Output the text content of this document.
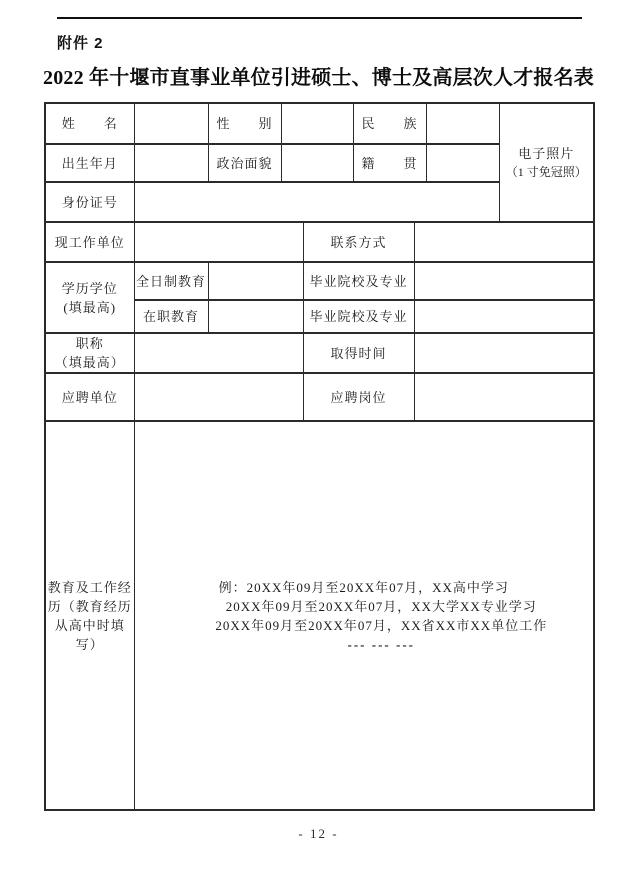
附件 2
2022 年十堰市直事业单位引进硕士、博士及高层次人才报名表
姓　　名		性　　别			民　　族			电子照片
（1 寸免冠照）

出生年月		政治面貌			籍　　贯			
身份证号								
现工作单位				联系方式				

学历学位
(填最高)	全日制教育			毕业院校及专业				
	在职教育			毕业院校及专业				

职称
（填最高）				取得时间				
应聘单位				应聘岗位				
教育及工作经历（教育经历从高中时填写）	例：20XX年09月至20XX年07月，XX高中学习
20XX年09月至20XX年07月，XX大学XX专业学习
20XX年09月至20XX年07月，XX省XX市XX单位工作
--- --- ---							
- 12 -
